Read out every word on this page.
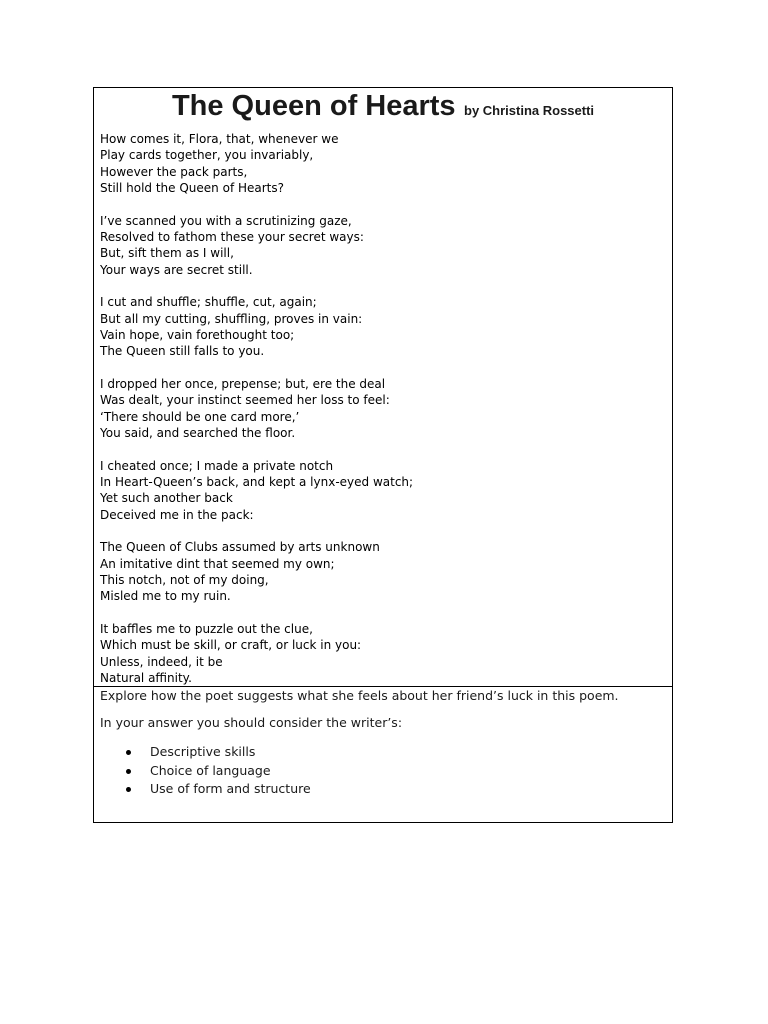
The Queen of Hearts by Christina Rossetti
How comes it, Flora, that, whenever we
Play cards together, you invariably,
However the pack parts,
Still hold the Queen of Hearts?
I’ve scanned you with a scrutinizing gaze,
Resolved to fathom these your secret ways:
But, sift them as I will,
Your ways are secret still.
I cut and shuffle; shuffle, cut, again;
But all my cutting, shuffling, proves in vain:
Vain hope, vain forethought too;
The Queen still falls to you.
I dropped her once, prepense; but, ere the deal
Was dealt, your instinct seemed her loss to feel:
‘There should be one card more,’
You said, and searched the floor.
I cheated once; I made a private notch
In Heart-Queen’s back, and kept a lynx-eyed watch;
Yet such another back
Deceived me in the pack:
The Queen of Clubs assumed by arts unknown
An imitative dint that seemed my own;
This notch, not of my doing,
Misled me to my ruin.
It baffles me to puzzle out the clue,
Which must be skill, or craft, or luck in you:
Unless, indeed, it be
Natural affinity.
Explore how the poet suggests what she feels about her friend’s luck in this poem.
In your answer you should consider the writer’s:
Descriptive skills
Choice of language
Use of form and structure
